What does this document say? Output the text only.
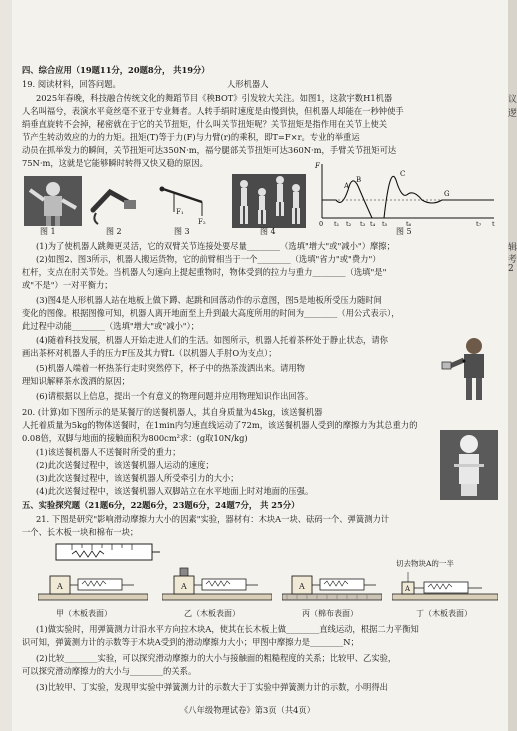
四、综合应用（19题11分，20题8分， 共19分）
19. 阅读材料，回答问题。	人形机器人
2025年春晚，科技融合传统文化的舞蹈节目《秧BOT》引发较大关注。如图1，这款宇数H1机器
人名叫福兮，表演水平竟丝毫不亚于专业舞者。人转手绢时速度是由慢到快，但机器人却能在一秒钟使手
绢垂直旋转不会掉，秘密就在于它的关节扭矩，什么叫关节扭矩呢？关节扭矩是指作用在关节上使关
节产生转动效应的力的力矩。扭矩(T)等于力(F)与力臂(r)的乘积，即T=F×r。专业的举重运
动员在抓举发力的瞬间，关节扭矩可达350N·m，福兮腿部关节扭矩可达360N·m，手臂关节扭矩可达
75N·m，这就是它能够瞬时转得又快又稳的原因。
F₁
F₂
F
A
B
C
G
0 t₁ t₂ t₃ t₄ t₅	t₆	t₇ t
图 1	图 2	图 3	图 4	图 5
(1)为了使机器人跳舞更灵活，它的双臂关节连接处要尽量________（选填"增大"或"减小"）摩擦；
(2)如图2、图3所示，机器人搬运货物，它的前臂相当于一个________（选填"省力"或"费力"）
杠杆，支点在肘关节处。当机器人匀速向上提起重物时，物体受到的拉力与重力________（选填"是"
或"不是"）一对平衡力；
(3)图4是人形机器人站在地板上做下蹲、起跳和回落动作的示意图，图5是地板所受压力随时间
变化的图像。根据图像可知，机器人离开地面至上升到最大高度所用的时间为________（用公式表示），
此过程中动能________（选填"增大"或"减小"）；
(4)随着科技发展，机器人开始走进人们的生活。如图所示，机器人托着茶杯处于静止状态，请你
画出茶杯对机器人手的压力F压及其力臂L（以机器人手肘O为支点）；
(5)机器人端着一杯热茶行走时突然停下，杯子中的热茶泼洒出来。请用物
理知识解释茶水泼洒的原因；
(6)请根据以上信息，提出一个有意义的物理问题并应用物理知识作出回答。
20. (计算)如下图所示的是某餐厅的送餐机器人，其自身质量为45kg，该送餐机器
人托着质量为5kg的物体送餐时，在1min内匀速直线运动了72m，该送餐机器人受到的摩擦力为其总重力的
0.08倍，双脚与地面的接触面积为800cm²求：(g取10N/kg)
(1)该送餐机器人不送餐时所受的重力；
(2)此次送餐过程中，该送餐机器人运动的速度；
(3)此次送餐过程中，该送餐机器人所受牵引力的大小；
(4)此次送餐过程中，该送餐机器人双脚站立在水平地面上时对地面的压强。
五、实验探究题（21题6分，22题6分，23题6分，24题7分， 共 25分）
21. 下图是研究"影响滑动摩擦力大小的因素"实验，器材有：木块A一块、砝码一个、弹簧测力计
一个、长木板一块和棉布一块；
A	A	A
切去物块A的一半
A
甲（木板表面）	乙（木板表面）	丙（棉布表面）	丁（木板表面）
(1)做实验时，用弹簧测力计沿水平方向拉木块A，使其在长木板上做________直线运动，根据二力平衡知
识可知，弹簧测力计的示数等于木块A受到的滑动摩擦力大小；甲图中摩擦力是________N；
(2)比较________实验，可以探究滑动摩擦力的大小与接触面的粗糙程度的关系；比较甲、乙实验，
可以探究滑动摩擦力的大小与________的关系。
(3)比较甲、丁实验，发现甲实验中弹簧测力计的示数大于丁实验中弹簧测力计的示数，小明得出
《八年级物理试卷》第3页（共4页）
议
逻
辑
考
2
